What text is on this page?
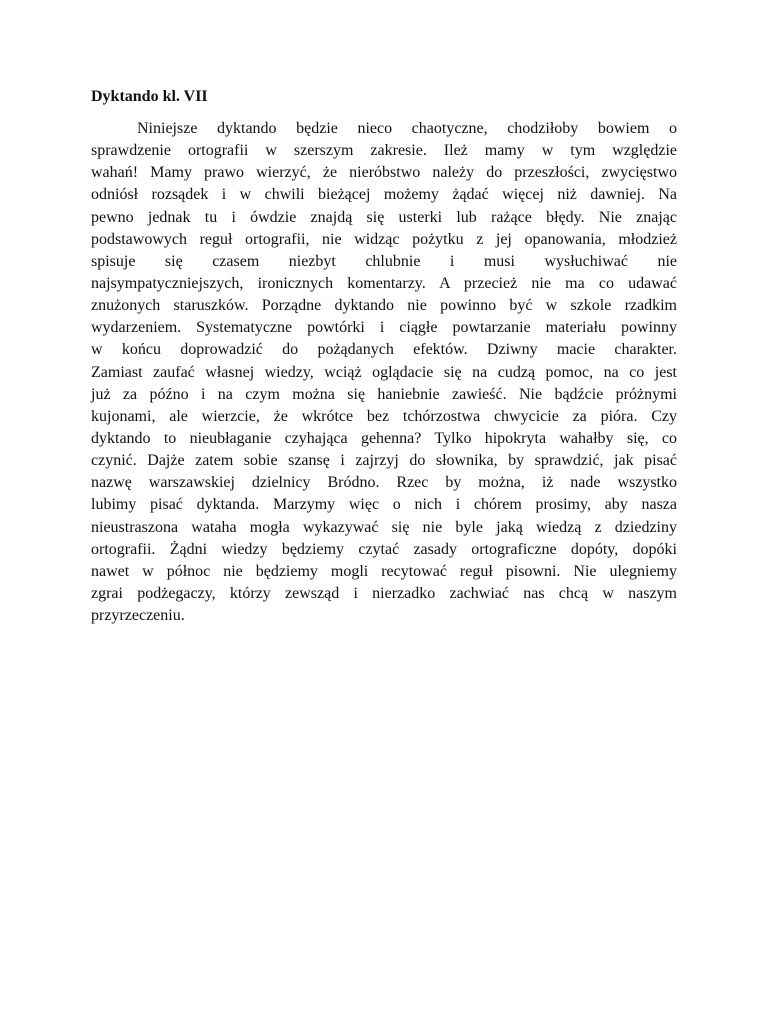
Dyktando kl. VII

Niniejsze dyktando będzie nieco chaotyczne, chodziłoby bowiem o
sprawdzenie ortografii w szerszym zakresie. Ileż mamy w tym względzie
wahań! Mamy prawo wierzyć, że nieróbstwo należy do przeszłości, zwycięstwo
odniósł rozsądek i w chwili bieżącej możemy żądać więcej niż dawniej. Na
pewno jednak tu i ówdzie znajdą się usterki lub rażące błędy. Nie znając
podstawowych reguł ortografii, nie widząc pożytku z jej opanowania, młodzież
spisuje się czasem niezbyt chlubnie i musi wysłuchiwać nie
najsympatyczniejszych, ironicznych komentarzy. A przecież nie ma co udawać
znużonych staruszków. Porządne dyktando nie powinno być w szkole rzadkim
wydarzeniem. Systematyczne powtórki i ciągłe powtarzanie materiału powinny
w końcu doprowadzić do pożądanych efektów. Dziwny macie charakter.
Zamiast zaufać własnej wiedzy, wciąż oglądacie się na cudzą pomoc, na co jest
już za późno i na czym można się haniebnie zawieść. Nie bądźcie próżnymi
kujonami, ale wierzcie, że wkrótce bez tchórzostwa chwycicie za pióra. Czy
dyktando to nieubłaganie czyhająca gehenna? Tylko hipokryta wahałby się, co
czynić. Dajże zatem sobie szansę i zajrzyj do słownika, by sprawdzić, jak pisać
nazwę warszawskiej dzielnicy Bródno. Rzec by można, iż nade wszystko
lubimy pisać dyktanda. Marzymy więc o nich i chórem prosimy, aby nasza
nieustraszona wataha mogła wykazywać się nie byle jaką wiedzą z dziedziny
ortografii. Żądni wiedzy będziemy czytać zasady ortograficzne dopóty, dopóki
nawet w północ nie będziemy mogli recytować reguł pisowni. Nie ulegniemy
zgrai podżegaczy, którzy zewsząd i nierzadko zachwiać nas chcą w naszym
przyrzeczeniu.
